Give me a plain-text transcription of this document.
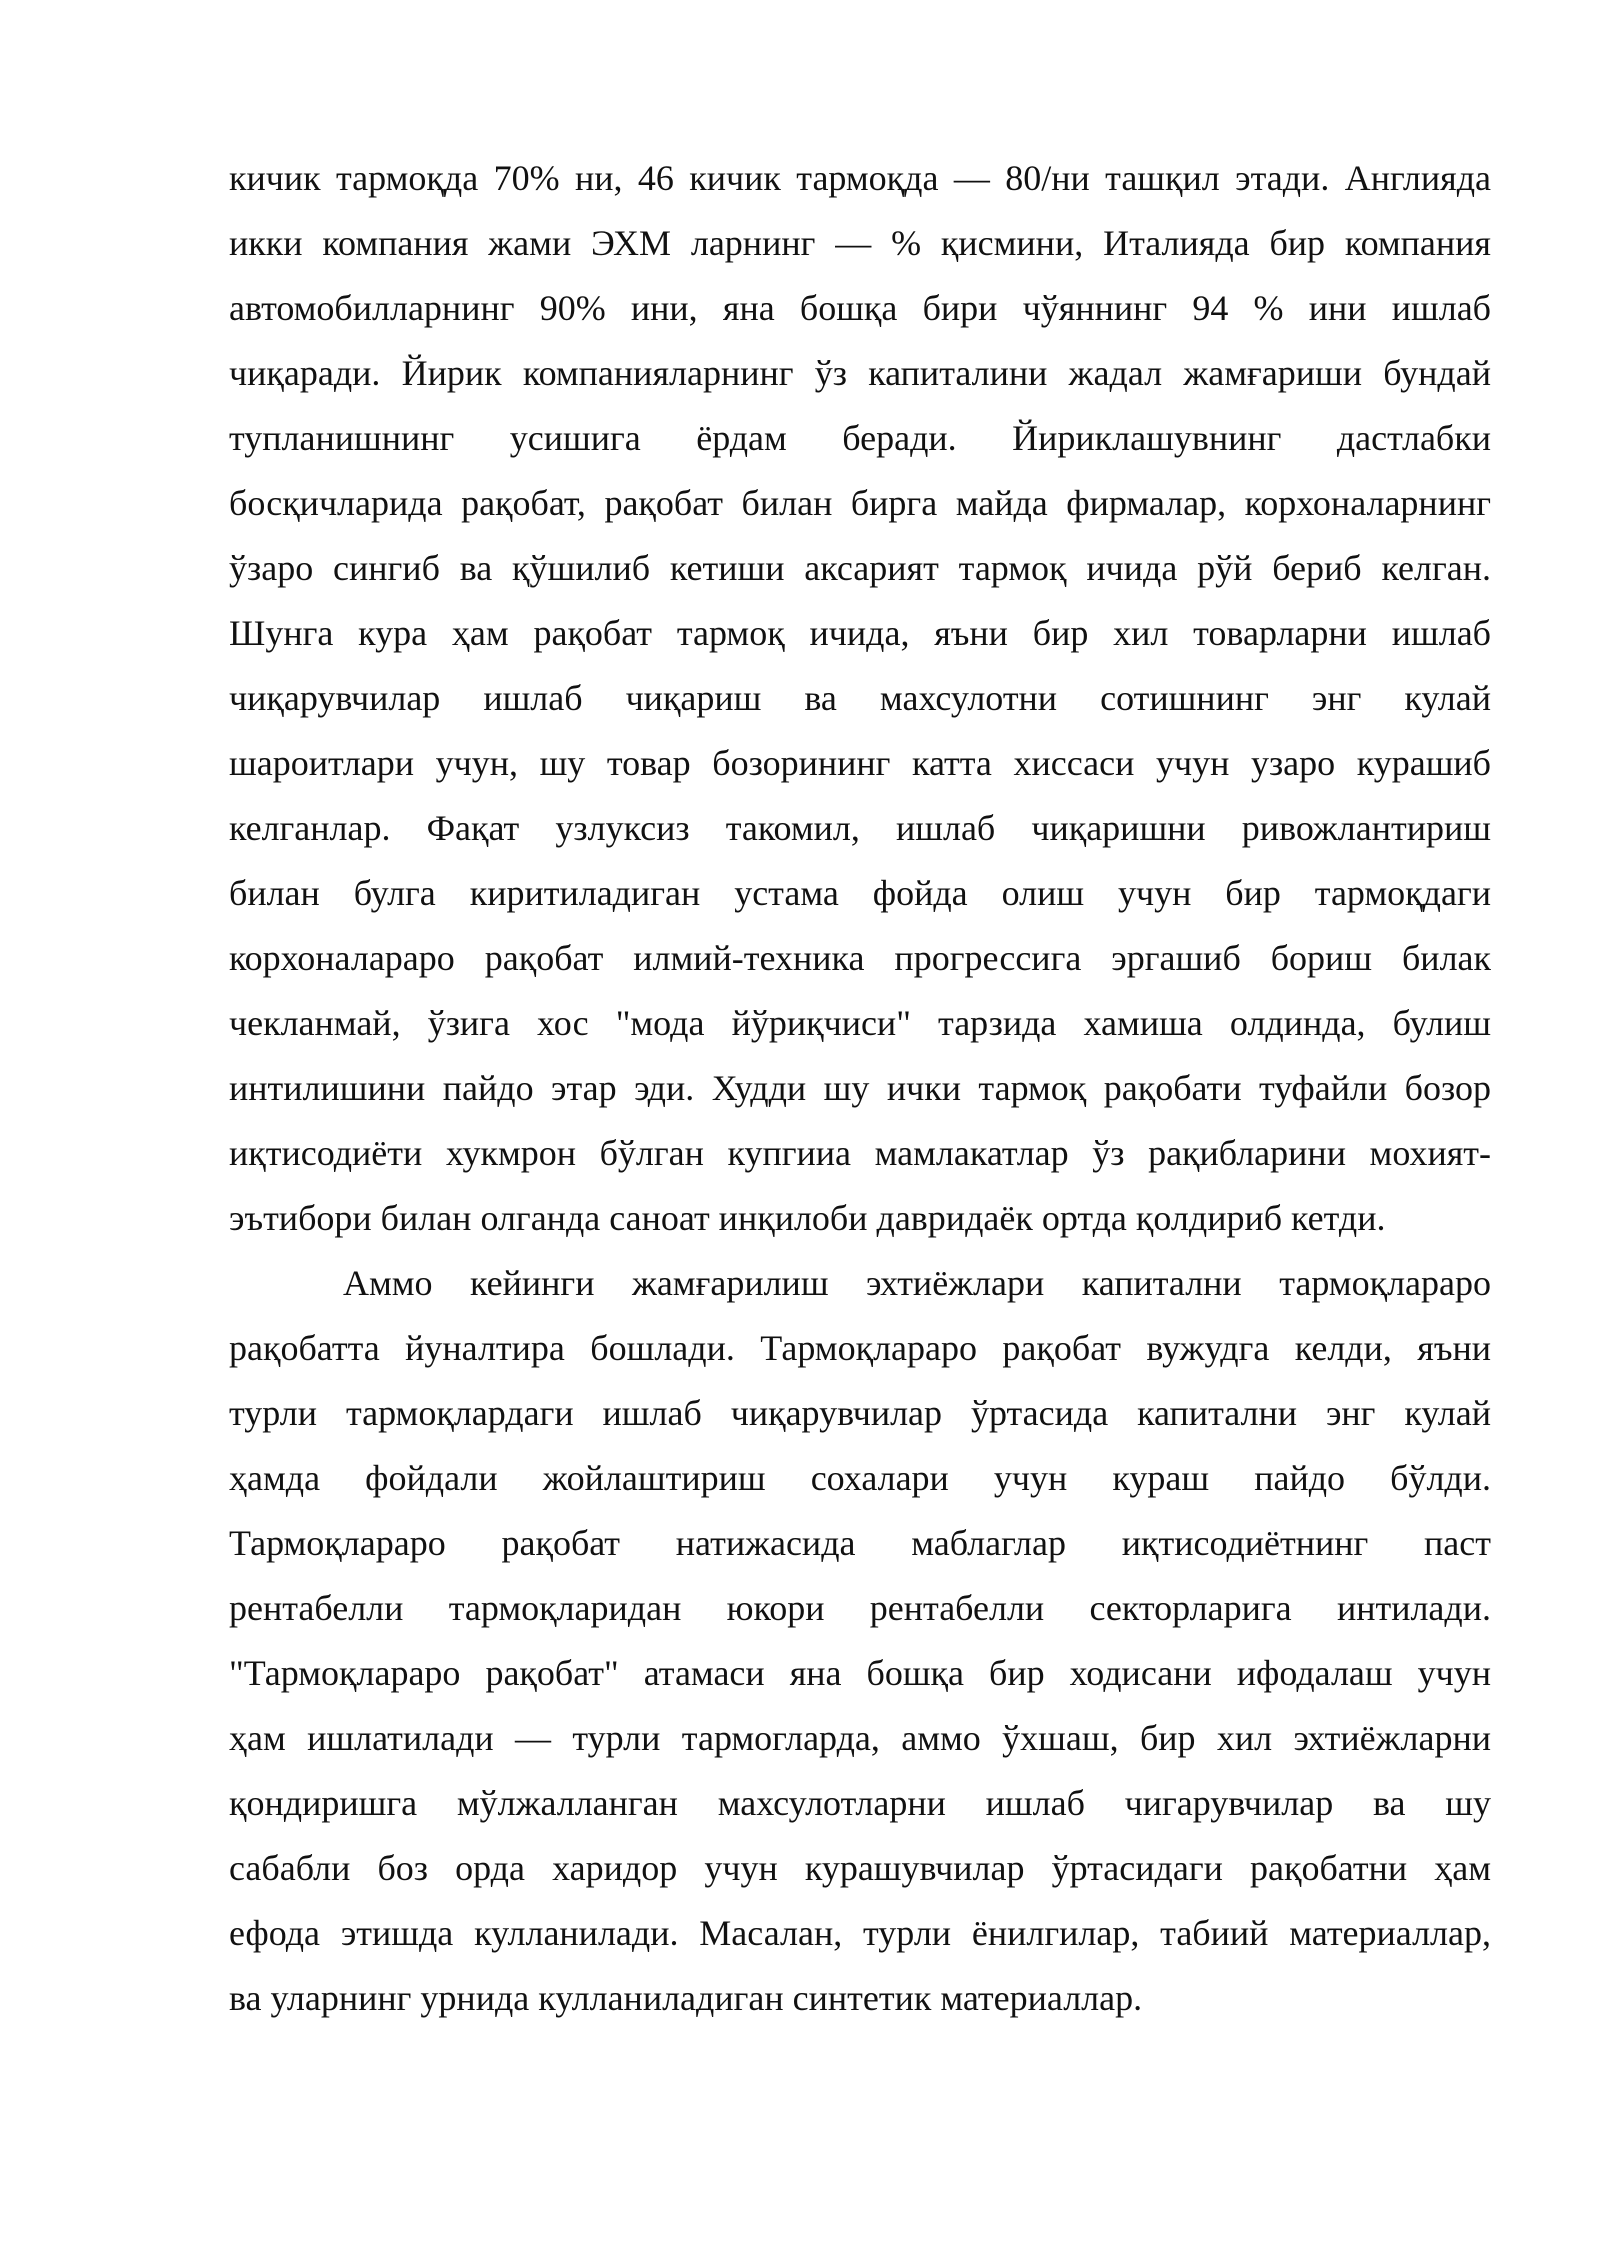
кичик тармоқда 70% ни, 46 кичик тармоқда — 80/ни ташқил этади. Англияда
икки компания жами ЭХМ ларнинг — % қисмини, Италияда бир компания
автомобилларнинг 90% ини, яна бошқа бири чўяннинг 94 % ини ишлаб
чиқаради. Йирик компанияларнинг ўз капиталини жадал жамғариши бундай
тупланишнинг усишига ёрдам беради. Йириклашувнинг дастлабки
босқичларида рақобат, рақобат билан бирга майда фирмалар, корхоналарнинг
ўзаро сингиб ва қўшилиб кетиши аксарият тармоқ ичида рўй бериб келган.
Шунга кура ҳам рақобат тармоқ ичида, яъни бир хил товарларни ишлаб
чиқарувчилар ишлаб чиқариш ва махсулотни сотишнинг энг кулай
шароитлари учун, шу товар бозорининг катта хиссаси учун узаро курашиб
келганлар. Фақат узлуксиз такомил, ишлаб чиқаришни ривожлантириш
билан булга киритиладиган устама фойда олиш учун бир тармоқдаги
корхоналараро рақобат илмий-техника прогрессига эргашиб бориш билак
чекланмай, ўзига хос "мода йўриқчиси" тарзида хамиша олдинда, булиш
интилишини пайдо этар эди. Худди шу ички тармоқ рақобати туфайли бозор
иқтисодиёти хукмрон бўлган купгииа мамлакатлар ўз рақибларини мохият-
эътибори билан олганда саноат инқилоби давридаёк ортда қолдириб кетди.
Аммо кейинги жамғарилиш эхтиёжлари капитални тармоқлараро
рақобатта йуналтира бошлади. Тармоқлараро рақобат вужудга келди, яъни
турли тармоқлардаги ишлаб чиқарувчилар ўртасида капитални энг кулай
ҳамда фойдали жойлаштириш сохалари учун кураш пайдо бўлди.
Тармоқлараро рақобат натижасида маблаглар иқтисодиётнинг паст
рентабелли тармоқларидан юкори рентабелли секторларига интилади.
"Тармоқлараро рақобат" атамаси яна бошқа бир ходисани ифодалаш учун
ҳам ишлатилади — турли тармогларда, аммо ўхшаш, бир хил эхтиёжларни
қондиришга мўлжалланган махсулотларни ишлаб чигарувчилар ва шу
сабабли боз орда харидор учун курашувчилар ўртасидаги рақобатни ҳам
ефода этишда кулланилади. Масалан, турли ёнилгилар, табиий материаллар,
ва уларнинг урнида кулланиладиган синтетик материаллар.
